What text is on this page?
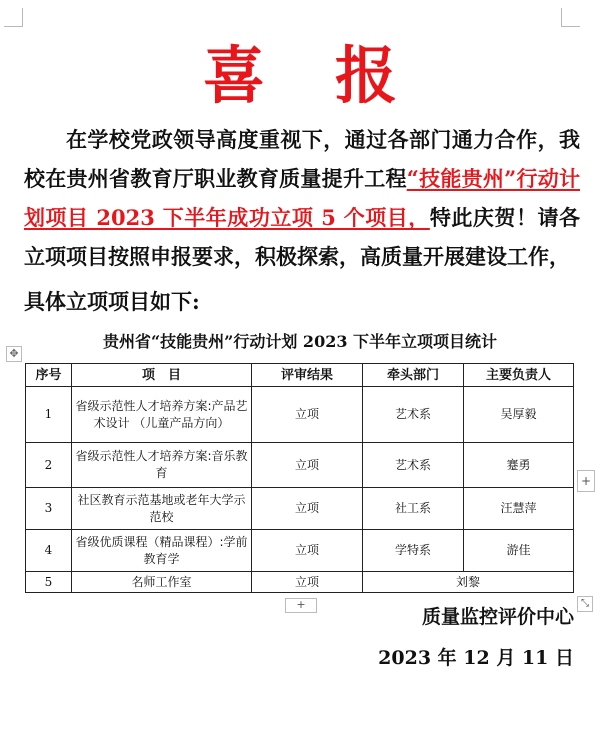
喜报
在学校党政领导高度重视下，通过各部门通力合作，我校在贵州省教育厅职业教育质量提升工程“技能贵州”行动计划项目 2023 下半年成功立项 5 个项目，特此庆贺！请各立项项目按照申报要求，积极探索，高质量开展建设工作，
具体立项项目如下:
贵州省“技能贵州”行动计划 2023 下半年立项项目统计
✥
序号	项　目	评审结果	牵头部门	主要负责人
1	省级示范性人才培养方案:产品艺术设计 （儿童产品方向）	立项	艺术系	吴厚毅
2	省级示范性人才培养方案:音乐教育	立项	艺术系	蹇勇
3	社区教育示范基地或老年大学示范校	立项	社工系	汪慧萍
4	省级优质课程（精品课程）:学前教育学	立项	学特系	游佳
5	名师工作室	立项	刘黎	
+
+	⤡
质量监控评价中心
2023 年 12 月 11 日
